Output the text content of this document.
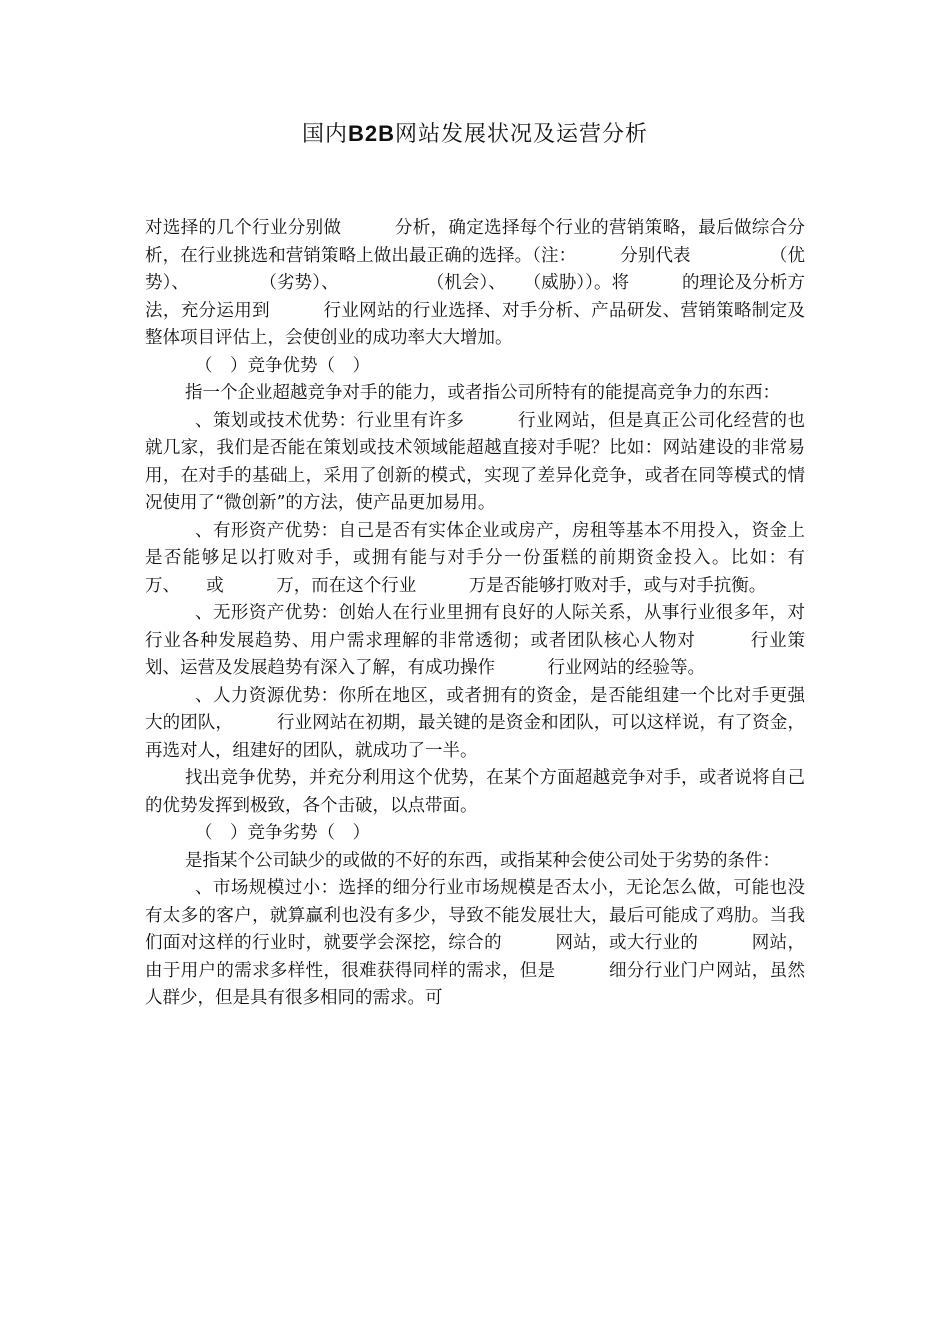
国内B2B网站发展状况及运营分析

对选择的几个行业分别做　　　分析，确定选择每个行业的营销策略，最后做综合分析，在行业挑选和营销策略上做出最正确的选择。（注：　　　分别代表　　　　　（优势）、　　　　　（劣势）、　　　　　　（机会）、　　（威胁））。将　　　的理论及分析方法，充分运用到　　　行业网站的行业选择、对手分析、产品研发、营销策略制定及整体项目评估上，会使创业的成功率大大增加。

（　）竞争优势（　）

指一个企业超越竞争对手的能力，或者指公司所特有的能提高竞争力的东西：

、策划或技术优势：行业里有许多　　　行业网站，但是真正公司化经营的也就几家，我们是否能在策划或技术领域能超越直接对手呢？比如：网站建设的非常易用，在对手的基础上，采用了创新的模式，实现了差异化竞争，或者在同等模式的情况使用了“微创新”的方法，使产品更加易用。

、有形资产优势：自己是否有实体企业或房产，房租等基本不用投入，资金上是否能够足以打败对手，或拥有能与对手分一份蛋糕的前期资金投入。比如：有　　　万、　　或　　　万，而在这个行业　　　万是否能够打败对手，或与对手抗衡。

、无形资产优势：创始人在行业里拥有良好的人际关系，从事行业很多年，对行业各种发展趋势、用户需求理解的非常透彻；或者团队核心人物对　　　行业策划、运营及发展趋势有深入了解，有成功操作　　　行业网站的经验等。

、人力资源优势：你所在地区，或者拥有的资金，是否能组建一个比对手更强大的团队，　　　行业网站在初期，最关键的是资金和团队，可以这样说，有了资金，再选对人，组建好的团队，就成功了一半。

找出竞争优势，并充分利用这个优势，在某个方面超越竞争对手，或者说将自己的优势发挥到极致，各个击破，以点带面。

（　）竞争劣势（　）

是指某个公司缺少的或做的不好的东西，或指某种会使公司处于劣势的条件：

、市场规模过小：选择的细分行业市场规模是否太小，无论怎么做，可能也没有太多的客户，就算赢利也没有多少，导致不能发展壮大，最后可能成了鸡肋。当我们面对这样的行业时，就要学会深挖，综合的　　　网站，或大行业的　　　网站，由于用户的需求多样性，很难获得同样的需求，但是　　　细分行业门户网站，虽然人群少，但是具有很多相同的需求。可
